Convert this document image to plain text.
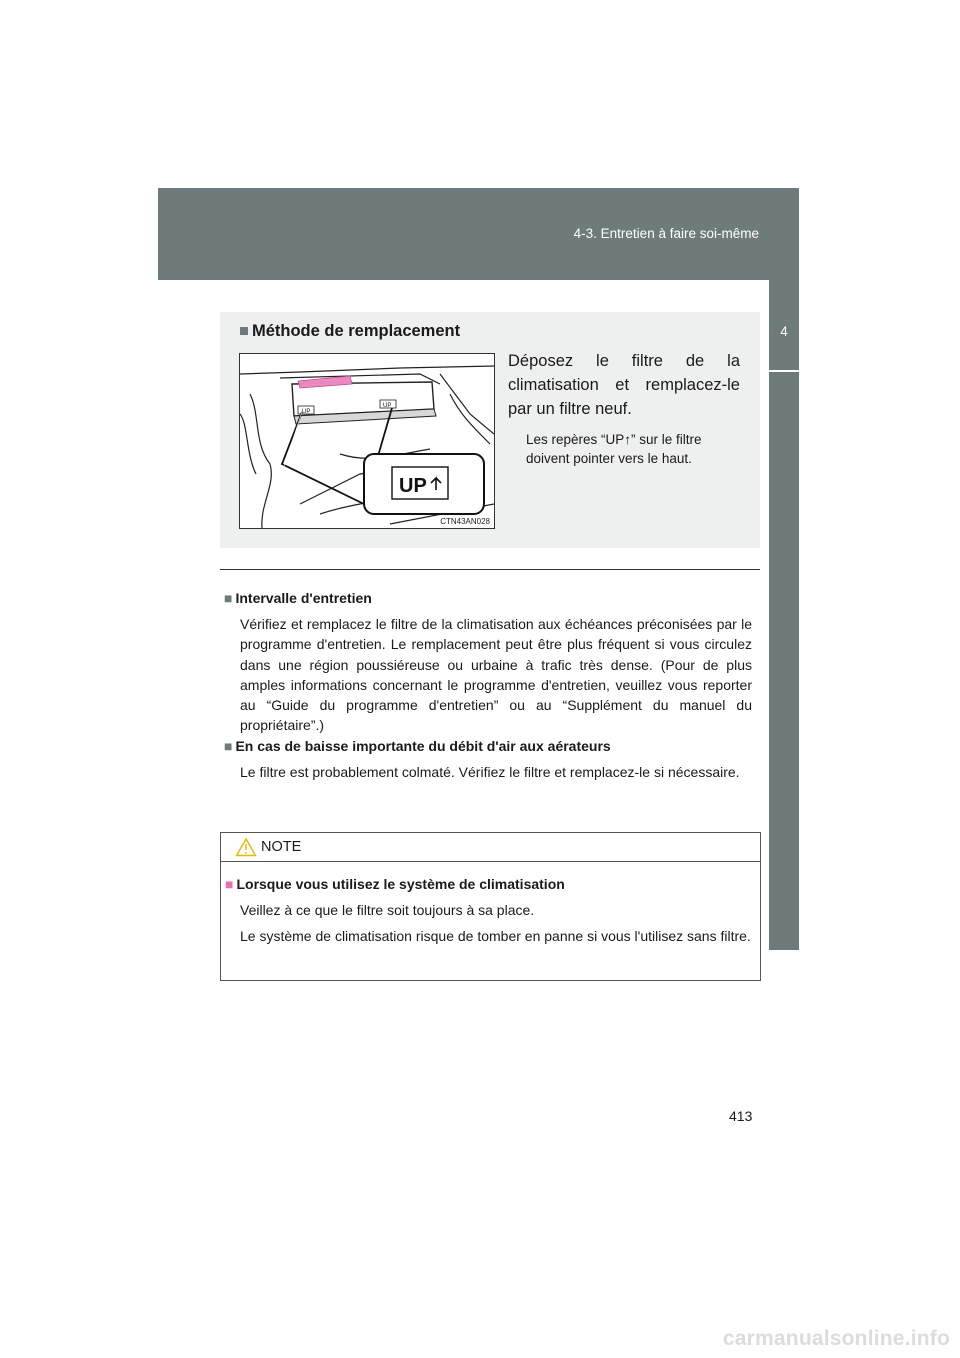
4-3. Entretien à faire soi-même
4
Entretien et soin
■ Méthode de remplacement
UP
UP
UP
CTN43AN028
Déposez le filtre de la climatisation et remplacez-le par un filtre neuf.
Les repères “UP↑” sur le filtre doivent pointer vers le haut.
■ Intervalle d'entretien
Vérifiez et remplacez le filtre de la climatisation aux échéances préconisées par le programme d'entretien. Le remplacement peut être plus fréquent si vous circulez dans une région poussiéreuse ou urbaine à trafic très dense. (Pour de plus amples informations concernant le programme d'entretien, veuillez vous reporter au “Guide du programme d'entretien” ou au “Supplément du manuel du propriétaire”.)
■ En cas de baisse importante du débit d'air aux aérateurs
Le filtre est probablement colmaté. Vérifiez le filtre et remplacez-le si nécessaire.
NOTE
■ Lorsque vous utilisez le système de climatisation
Veillez à ce que le filtre soit toujours à sa place.
Le système de climatisation risque de tomber en panne si vous l'utilisez sans filtre.
413
carmanualsonline.info
